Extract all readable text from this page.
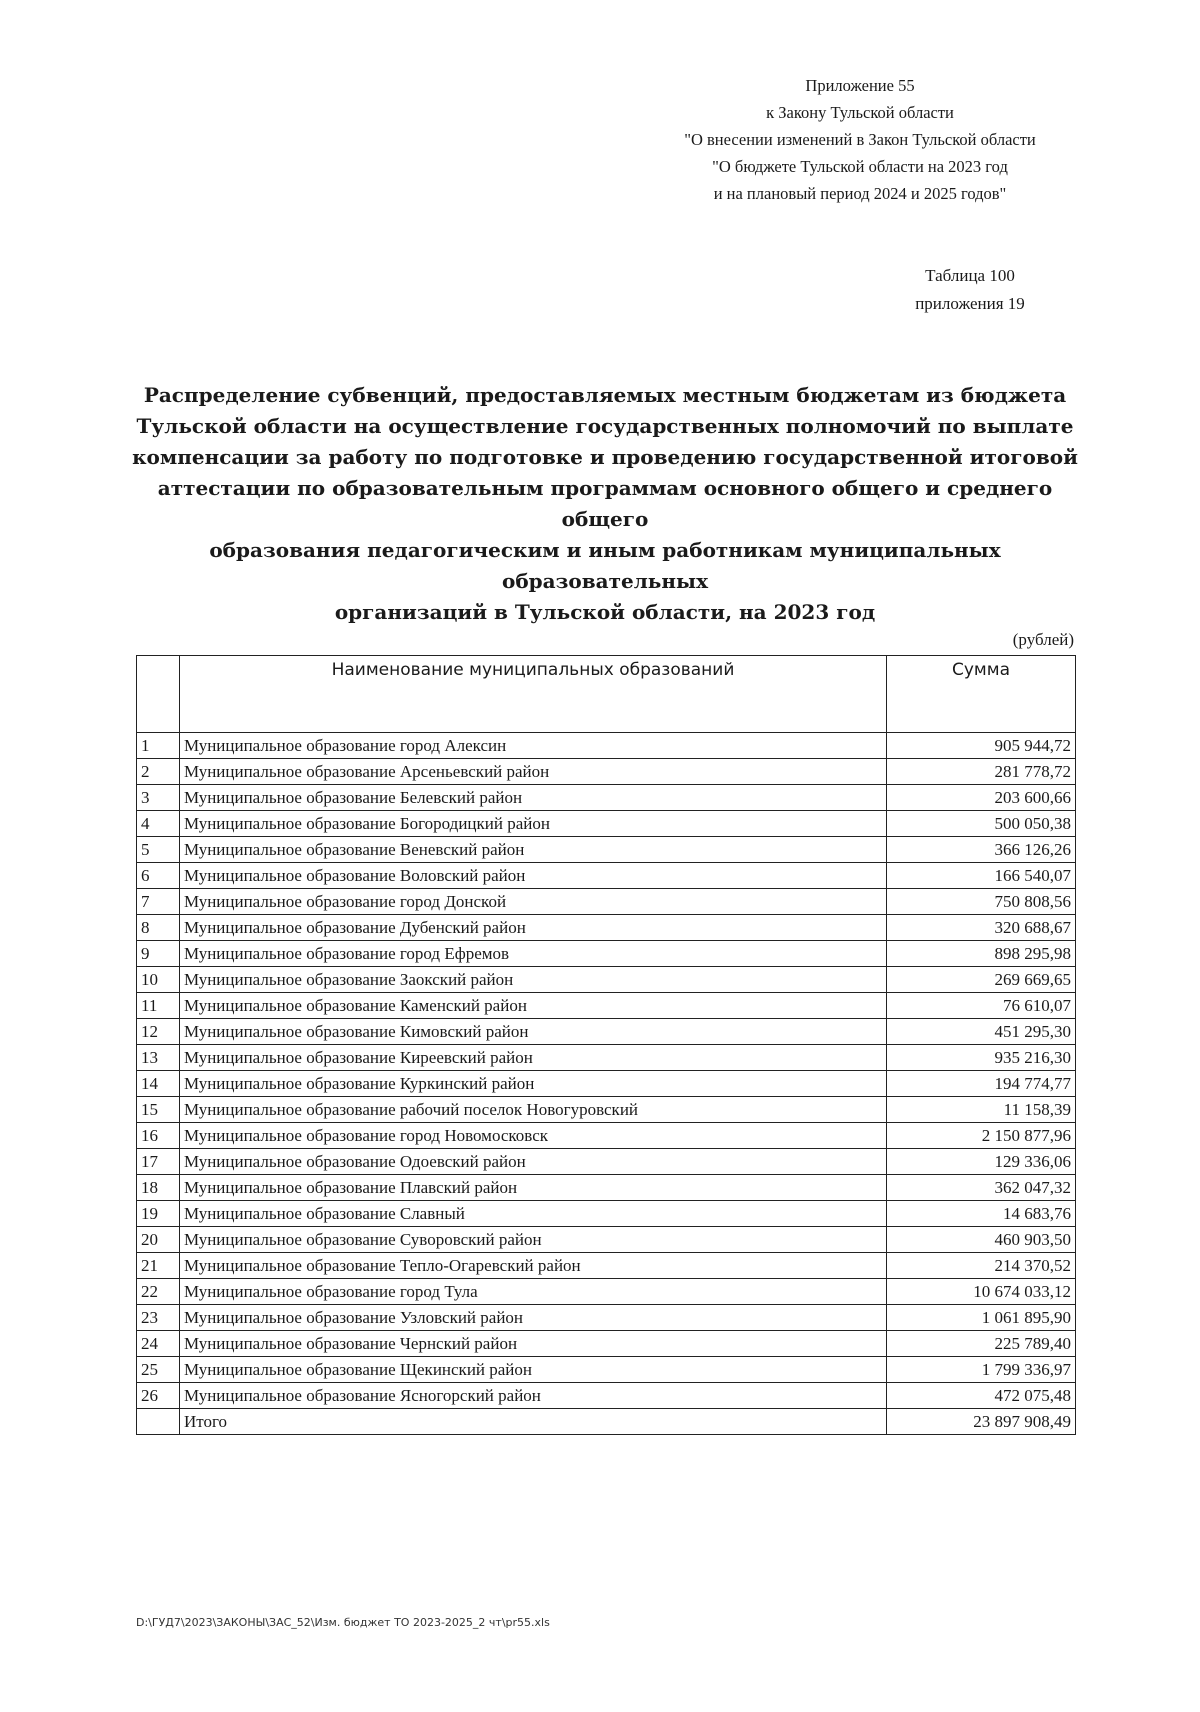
Приложение 55
к Закону Тульской области
"О внесении изменений в Закон Тульской области
"О бюджете Тульской области на 2023 год
и на плановый период 2024 и 2025 годов"
Таблица 100
приложения 19
Распределение субвенций, предоставляемых местным бюджетам из бюджета
Тульской области на осуществление государственных полномочий по выплате
компенсации за работу по подготовке и проведению государственной итоговой
аттестации по образовательным программам основного общего и среднего общего
образования педагогическим и иным работникам муниципальных образовательных
организаций в Тульской области, на 2023 год
(рублей)
	Наименование муниципальных образований	Сумма
1	Муниципальное образование город Алексин	905 944,72
2	Муниципальное образование Арсеньевский район	281 778,72
3	Муниципальное образование Белевский район	203 600,66
4	Муниципальное образование Богородицкий район	500 050,38
5	Муниципальное образование Веневский район	366 126,26
6	Муниципальное образование Воловский район	166 540,07
7	Муниципальное образование город Донской	750 808,56
8	Муниципальное образование Дубенский район	320 688,67
9	Муниципальное образование город Ефремов	898 295,98
10	Муниципальное образование Заокский район	269 669,65
11	Муниципальное образование Каменский район	76 610,07
12	Муниципальное образование Кимовский район	451 295,30
13	Муниципальное образование Киреевский район	935 216,30
14	Муниципальное образование Куркинский район	194 774,77
15	Муниципальное образование рабочий поселок Новогуровский	11 158,39
16	Муниципальное образование город Новомосковск	2 150 877,96
17	Муниципальное образование Одоевский район	129 336,06
18	Муниципальное образование Плавский район	362 047,32
19	Муниципальное образование Славный	14 683,76
20	Муниципальное образование Суворовский район	460 903,50
21	Муниципальное образование Тепло-Огаревский район	214 370,52
22	Муниципальное образование город Тула	10 674 033,12
23	Муниципальное образование Узловский район	1 061 895,90
24	Муниципальное образование Чернский район	225 789,40
25	Муниципальное образование Щекинский район	1 799 336,97
26	Муниципальное образование Ясногорский район	472 075,48
	Итого	23 897 908,49
D:\ГУД7\2023\ЗАКОНЫ\ЗАС_52\Изм. бюджет ТО 2023-2025_2 чт\pr55.xls
